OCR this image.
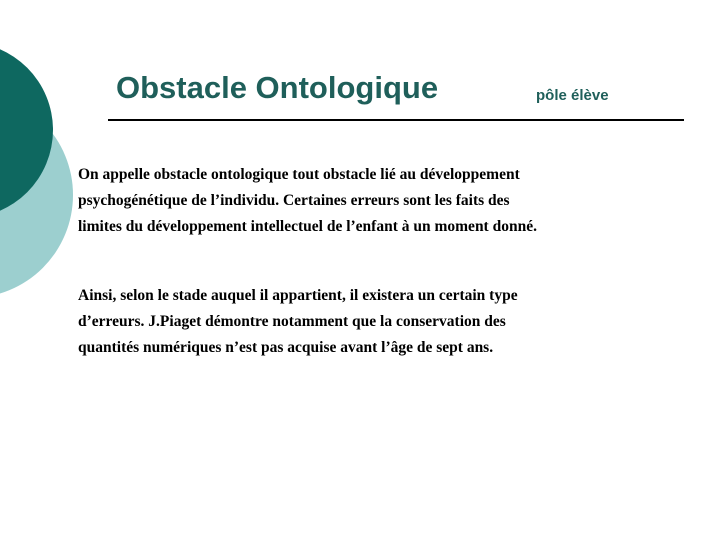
Obstacle Ontologique	pôle élève
On appelle obstacle ontologique tout obstacle lié au développement
psychogénétique de l’individu. Certaines erreurs sont les faits des
limites du développement intellectuel de l’enfant à un moment donné.
Ainsi, selon le stade auquel il appartient, il existera un certain type
d’erreurs. J.Piaget démontre notamment que la conservation des
quantités numériques n’est pas acquise avant l’âge de sept ans.
